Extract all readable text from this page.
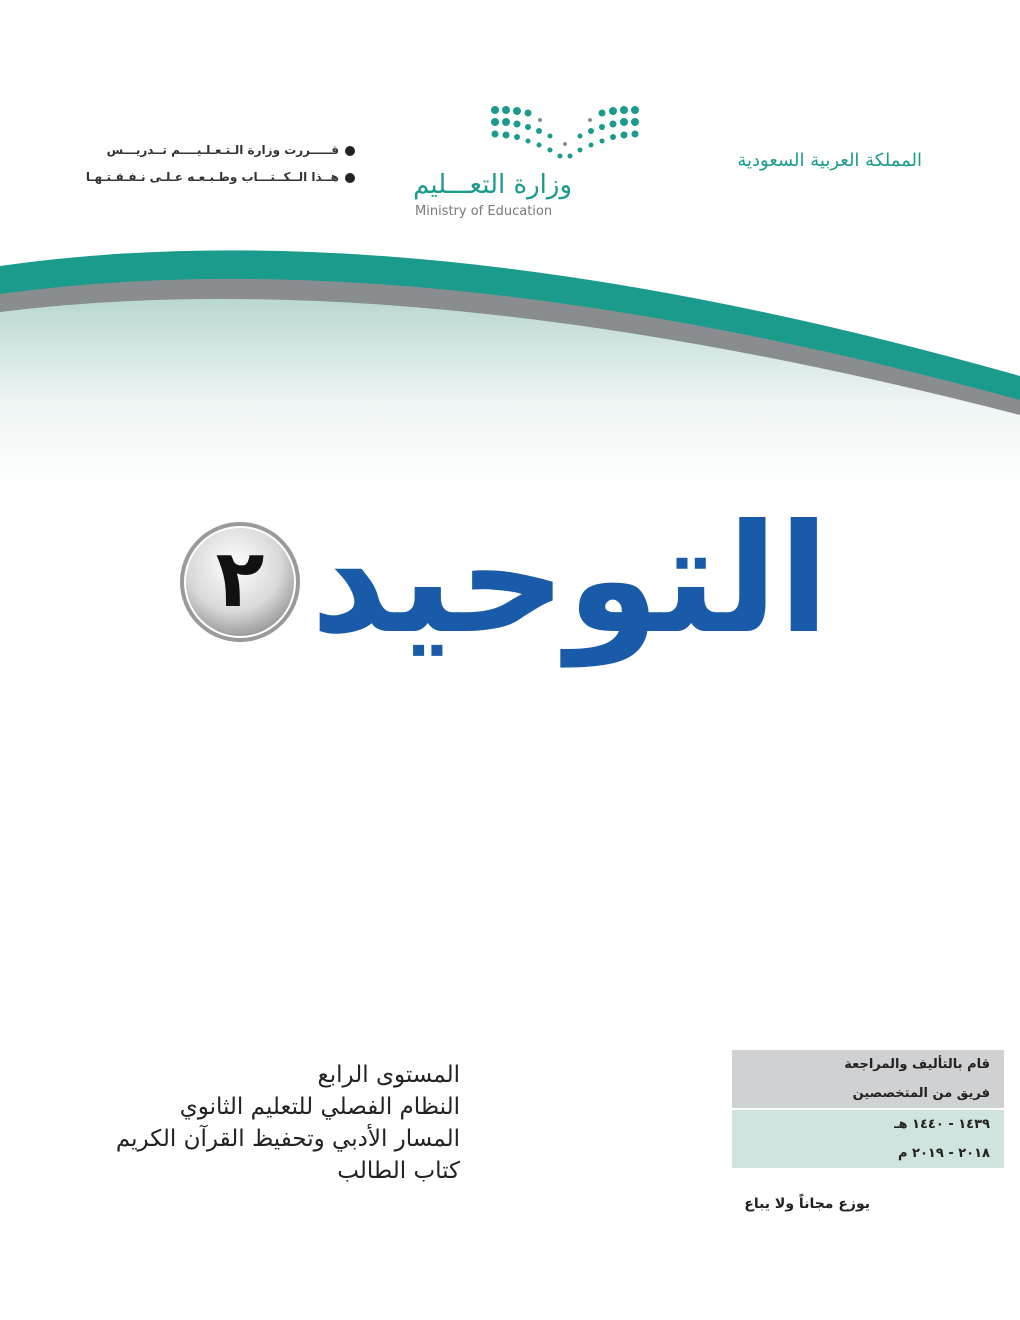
المملكة العربية السعودية
وزارة التعـــليم
Ministry of Education
قـــــررت وزارة الـتـعـلـيــــم تــدريـــس
هــذا الــكــتـــاب وطـبـعـه عـلـى نـفـقـتـهـا
التوحيد
٢
المستوى الرابع
النظام الفصلي للتعليم الثانوي
المسار الأدبي وتحفيظ القرآن الكريم
كتاب الطالب
قام بالتأليف والمراجعة
فريق من المتخصصين
١٤٣٩ - ١٤٤٠ هـ
٢٠١٨ - ٢٠١٩ م
يوزع مجاناً ولا يباع
